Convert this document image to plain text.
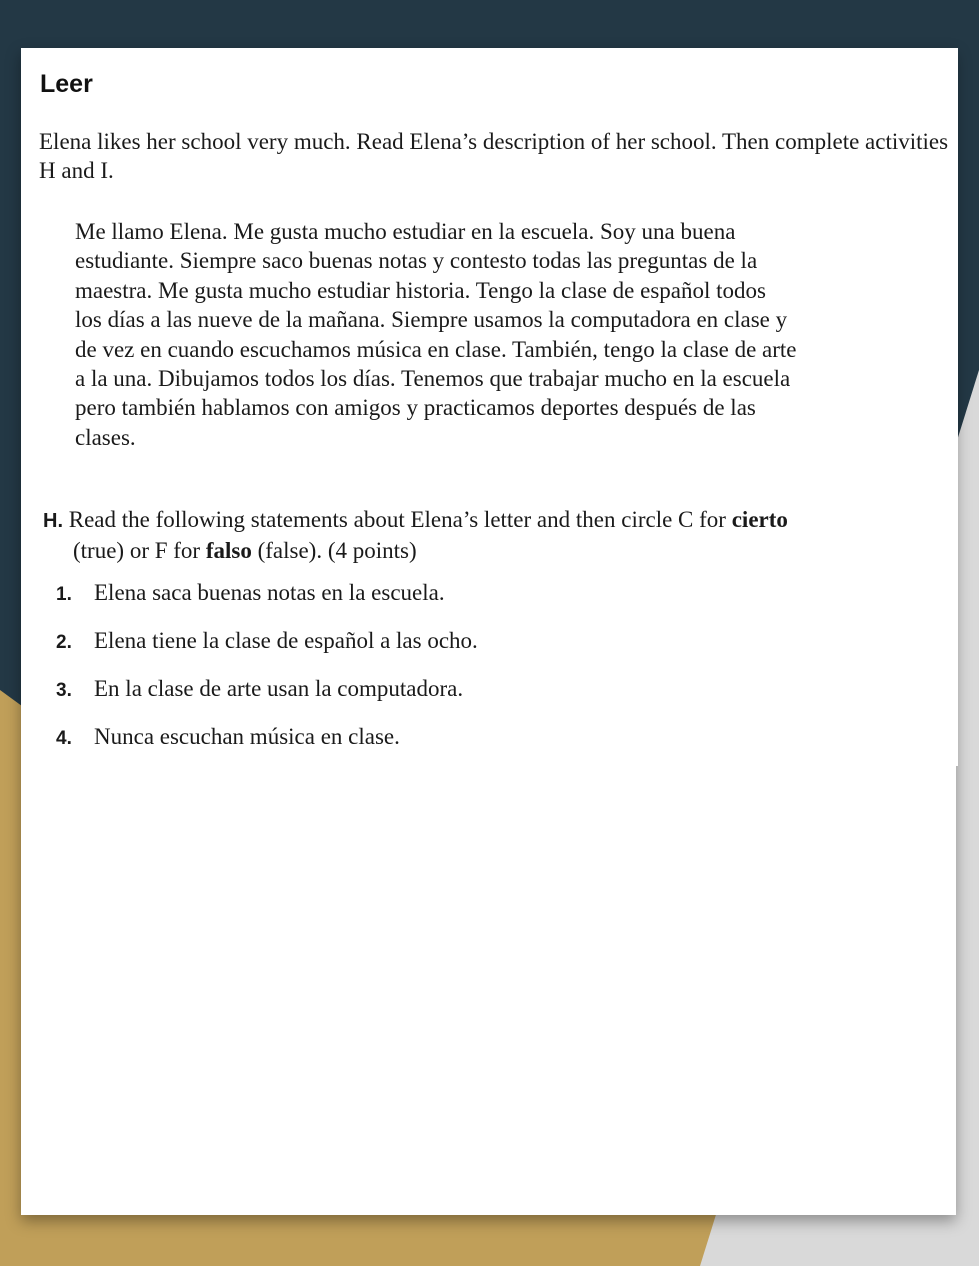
Leer
Elena likes her school very much. Read Elena’s description of her school. Then complete activities H and I.
Me llamo Elena. Me gusta mucho estudiar en la escuela. Soy una buena
estudiante. Siempre saco buenas notas y contesto todas las preguntas de la
maestra. Me gusta mucho estudiar historia. Tengo la clase de español todos
los días a las nueve de la mañana. Siempre usamos la computadora en clase y
de vez en cuando escuchamos música en clase. También, tengo la clase de arte
a la una. Dibujamos todos los días. Tenemos que trabajar mucho en la escuela
pero también hablamos con amigos y practicamos deportes después de las
clases.
H. Read the following statements about Elena’s letter and then circle C for cierto
(true) or F for falso (false). (4 points)
1. Elena saca buenas notas en la escuela.
2. Elena tiene la clase de español a las ocho.
3. En la clase de arte usan la computadora.
4. Nunca escuchan música en clase.
